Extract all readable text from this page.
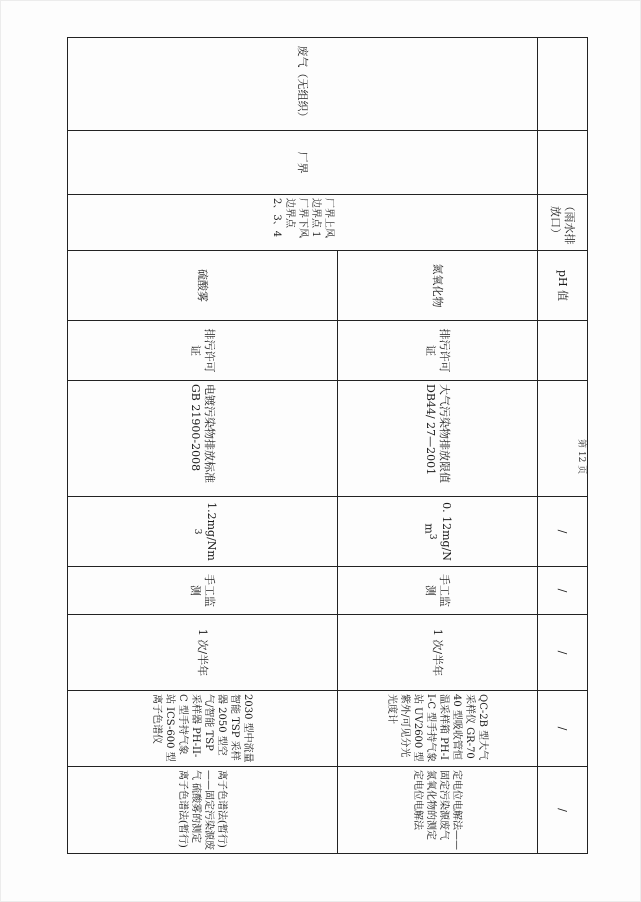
		（雨水排放口）	pH 值			/	/	/	/	/
废气（无组织）	厂界	厂界上风边界点 1 厂界下风边界点 2、3、4	氮氧化物	排污许可证	大气污染物排放限值 DB44/ 27—2001	0. 12mg/Nm$^3$	手工监测	1 次/半年	QC-2B 型大气采样仪 GR-7040 型吸收管恒温采样箱 PH-II-C 型手持气象站 UV2600 型紫外/可见分光光度计	定电位电解法——固定污染源废气 氮氧化物的测定 定电位电解法
			硫酸雾	排污许可证	电镀污染物排放标准 GB 21900-2008	1.2mg/Nm$^3$	手工监测	1 次/半年	2030 型中流量智能 TSP 采样器 2050 型空气/智能 TSP 采样器 PH-II-C 型手持气象站 ICS-600 型离子色谱仪	离子色谱法(暂行)——固定污染源废气 硫酸雾的测定 离子色谱法(暂行)
第 12 页
